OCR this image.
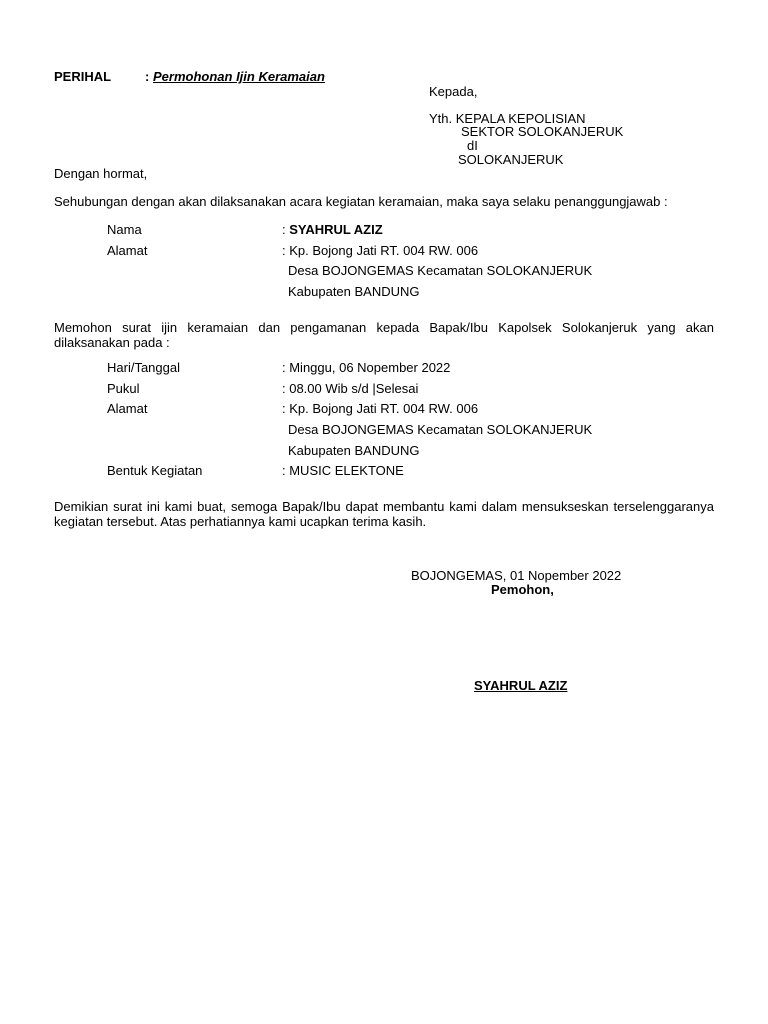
PERIHAL	: Permohonan Ijin Keramaian
Kepada,
Yth. KEPALA KEPOLISIAN
SEKTOR SOLOKANJERUK
dI
SOLOKANJERUK
Dengan hormat,
Sehubungan dengan akan dilaksanakan acara kegiatan keramaian, maka saya selaku penanggungjawab :
Nama	: SYAHRUL AZIZ
Alamat	: Kp. Bojong Jati RT. 004 RW. 006
Desa BOJONGEMAS Kecamatan SOLOKANJERUK
Kabupaten BANDUNG
Memohon surat ijin keramaian dan pengamanan kepada Bapak/Ibu Kapolsek Solokanjeruk yang akan dilaksanakan pada :
Hari/Tanggal	: Minggu, 06 Nopember 2022
Pukul	: 08.00 Wib s/d |Selesai
Alamat	: Kp. Bojong Jati RT. 004 RW. 006
Desa BOJONGEMAS Kecamatan SOLOKANJERUK
Kabupaten BANDUNG
Bentuk Kegiatan	: MUSIC ELEKTONE
Demikian surat ini kami buat, semoga Bapak/Ibu dapat membantu kami dalam mensukseskan terselenggaranya kegiatan tersebut. Atas perhatiannya kami ucapkan terima kasih.
BOJONGEMAS, 01 Nopember 2022
Pemohon,
SYAHRUL AZIZ
